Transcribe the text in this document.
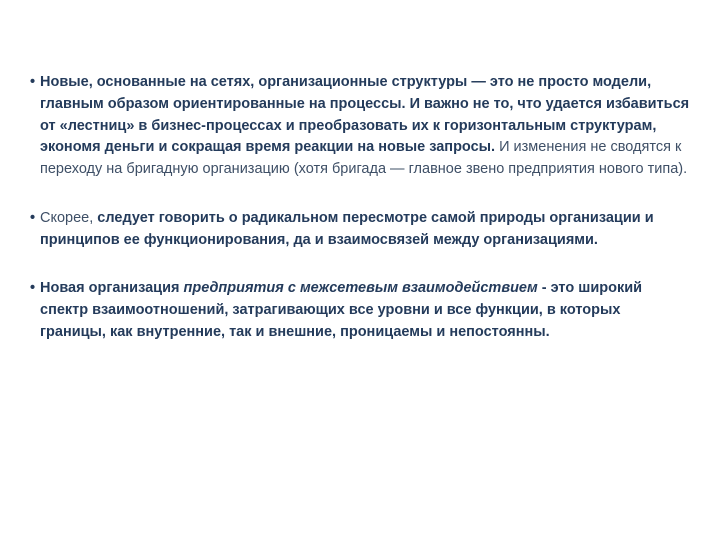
• Новые, основанные на сетях, организационные структуры — это не просто модели, главным образом ориентированные на процессы. И важно не то, что удается избавиться от «лестниц» в бизнес-процессах и преобразовать их к горизонтальным структурам, экономя деньги и сокращая время реакции на новые запросы. И изменения не сводятся к переходу на бригадную организацию (хотя бригада — главное звено предприятия нового типа).
• Скорее, следует говорить о радикальном пересмотре самой природы организации и принципов ее функционирования, да и взаимосвязей между организациями.
• Новая организация предприятия с межсетевым взаимодействием - это широкий спектр взаимоотношений, затрагивающих все уровни и все функции, в которых границы, как внутренние, так и внешние, проницаемы и непостоянны.
